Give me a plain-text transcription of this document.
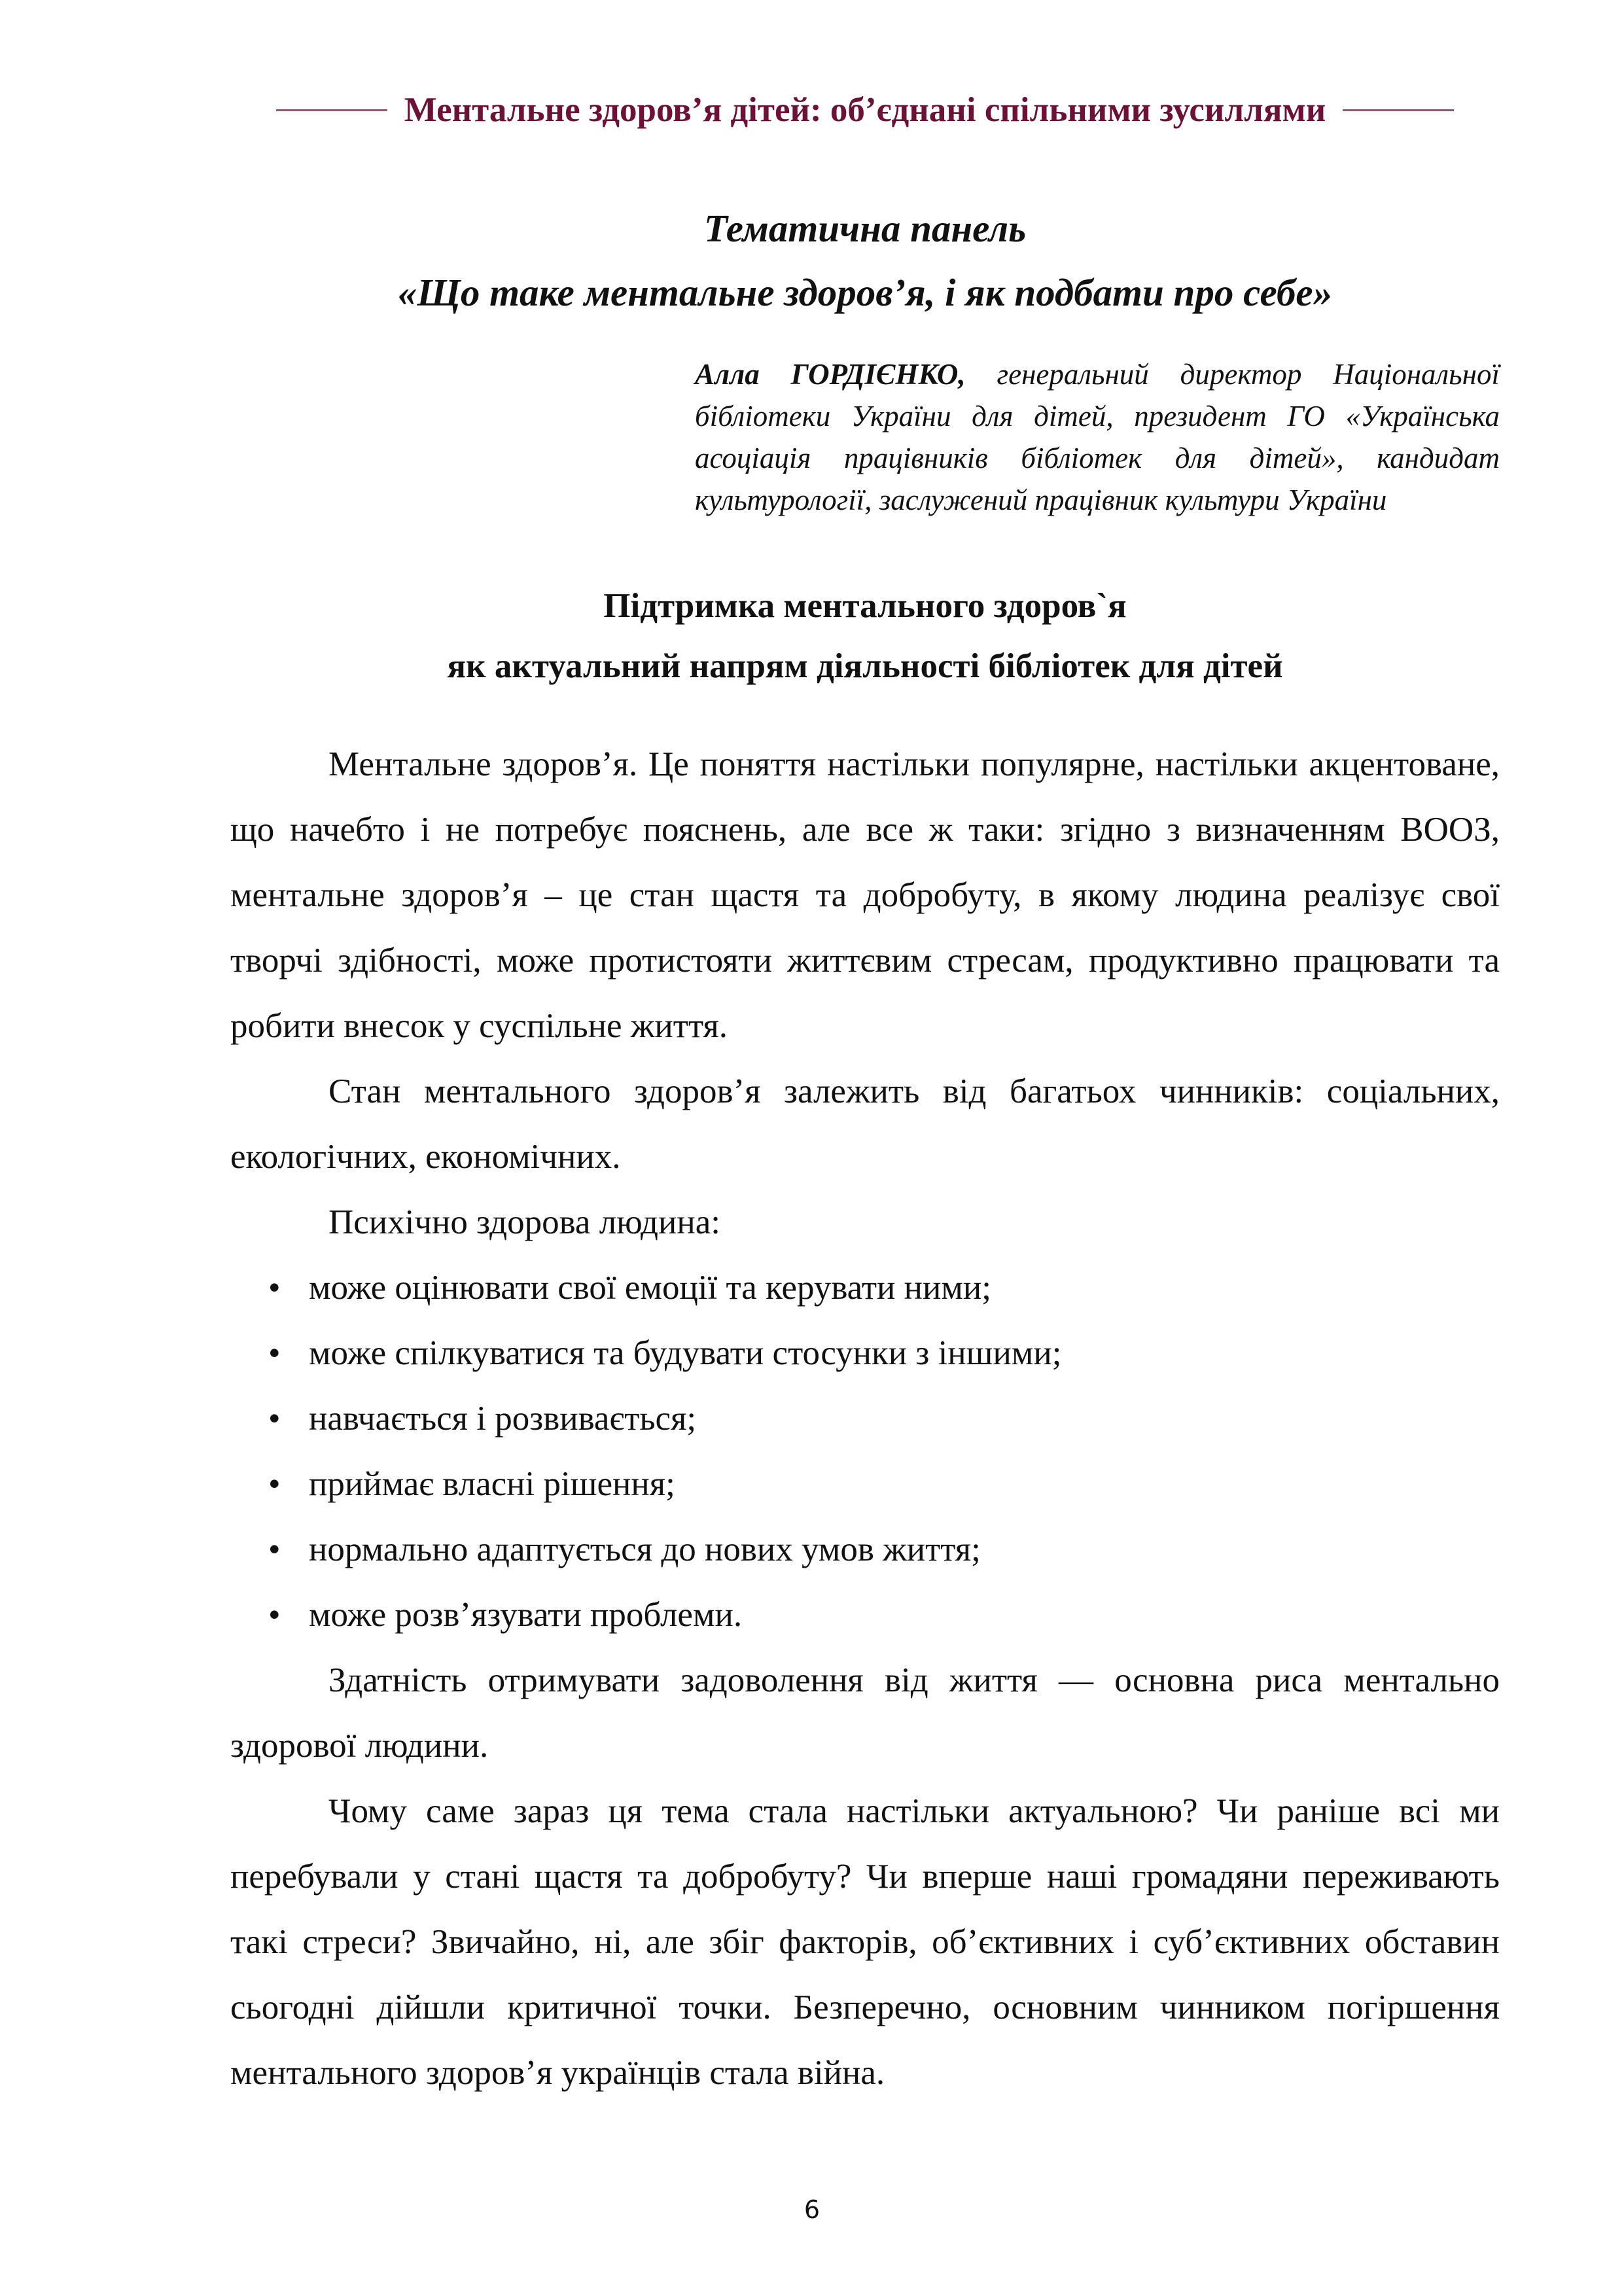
Ментальне здоров’я дітей: об’єднані спільними зусиллями
Тематична панель
«Що таке ментальне здоров’я, і як подбати про себе»
Алла ГОРДІЄНКО, генеральний директор Національної бібліотеки України для дітей, президент ГО «Українська асоціація працівників бібліотек для дітей», кандидат культурології, заслужений працівник культури України
Підтримка ментального здоров`я
як актуальний напрям діяльності бібліотек для дітей

Ментальне здоров’я. Це поняття настільки популярне, настільки акцентоване, що начебто і не потребує пояснень, але все ж таки: згідно з визначенням ВООЗ, ментальне здоров’я – це стан щастя та добробуту, в якому людина реалізує свої творчі здібності, може протистояти життєвим стресам, продуктивно працювати та робити внесок у суспільне життя.

Стан ментального здоров’я залежить від багатьох чинників: соціальних, екологічних, економічних.

Психічно здорова людина:

• може оцінювати свої емоції та керувати ними;
• може спілкуватися та будувати стосунки з іншими;
• навчається і розвивається;
• приймає власні рішення;
• нормально адаптується до нових умов життя;
• може розв’язувати проблеми.

Здатність отримувати задоволення від життя — основна риса ментально здорової людини.

Чому саме зараз ця тема стала настільки актуальною? Чи раніше всі ми перебували у стані щастя та добробуту? Чи вперше наші громадяни переживають такі стреси? Звичайно, ні, але збіг факторів, об’єктивних і суб’єктивних обставин сьогодні дійшли критичної точки. Безперечно, основним чинником погіршення ментального здоров’я українців стала війна.

6
